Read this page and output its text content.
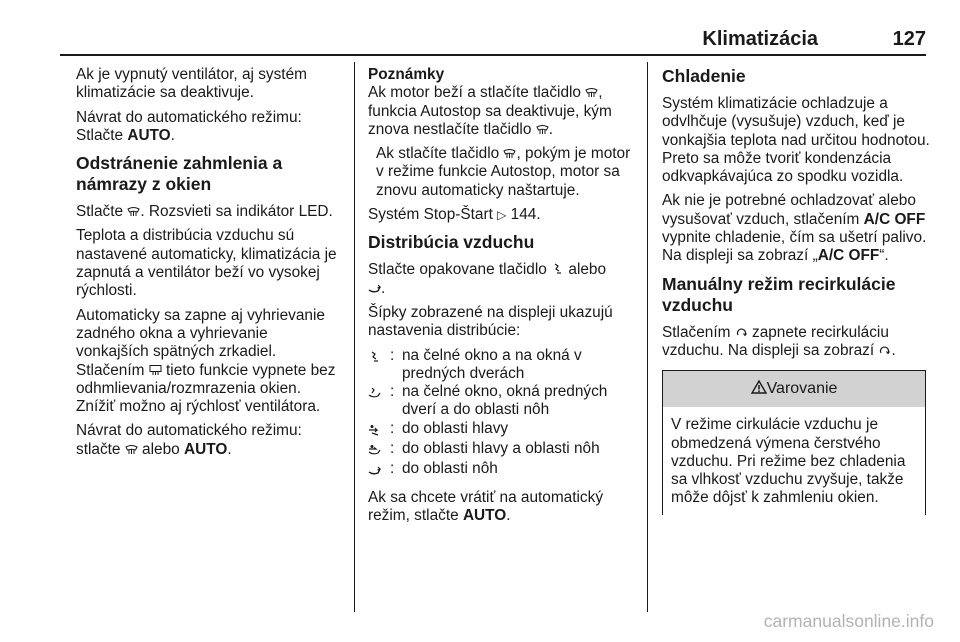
Klimatizácia	127

Ak je vypnutý ventilátor, aj systém klimatizácie sa deaktivuje.

Návrat do automatického režimu:
Stlačte AUTO.

Odstránenie zahmlenia a námrazy z okien

Stlačte . Rozsvieti sa indikátor LED.

Teplota a distribúcia vzduchu sú nastavené automaticky, klimatizácia je zapnutá a ventilátor beží vo vysokej rýchlosti.

Automaticky sa zapne aj vyhrievanie zadného okna a vyhrievanie vonkajších spätných zrkadiel. Stlačením  tieto funkcie vypnete bez odhmlievania/rozmrazenia okien. Znížiť možno aj rýchlosť ventilátora.

Návrat do automatického režimu:
stlačte  alebo AUTO.

Poznámky

Ak motor beží a stlačíte tlačidlo , funkcia Autostop sa deaktivuje, kým znova nestlačíte tlačidlo .

Ak stlačíte tlačidlo , pokým je motor v režime funkcie Autostop, motor sa znovu automaticky naštartuje.

Systém Stop-Štart ▷ 144.

Distribúcia vzduchu

Stlačte opakovane tlačidlo  alebo
.

Šípky zobrazené na displeji ukazujú nastavenia distribúcie:

: na čelné okno a na okná v predných dverách
: na čelné okno, okná predných dverí a do oblasti nôh
: do oblasti hlavy
: do oblasti hlavy a oblasti nôh
: do oblasti nôh

Ak sa chcete vrátiť na automatický režim, stlačte AUTO.

Chladenie

Systém klimatizácie ochladzuje a odvlhčuje (vysušuje) vzduch, keď je vonkajšia teplota nad určitou hodnotou. Preto sa môže tvoriť kondenzácia odkvapkávajúca zo spodku vozidla.

Ak nie je potrebné ochladzovať alebo vysušovať vzduch, stlačením A/C OFF vypnite chladenie, čím sa ušetrí palivo. Na displeji sa zobrazí „A/C OFF“.

Manuálny režim recirkulácie vzduchu

Stlačením  zapnete recirkuláciu vzduchu. Na displeji sa zobrazí .

Varovanie
V režime cirkulácie vzduchu je obmedzená výmena čerstvého vzduchu. Pri režime bez chladenia sa vlhkosť vzduchu zvyšuje, takže môže dôjsť k zahmleniu okien.
carmanualsonline.info
